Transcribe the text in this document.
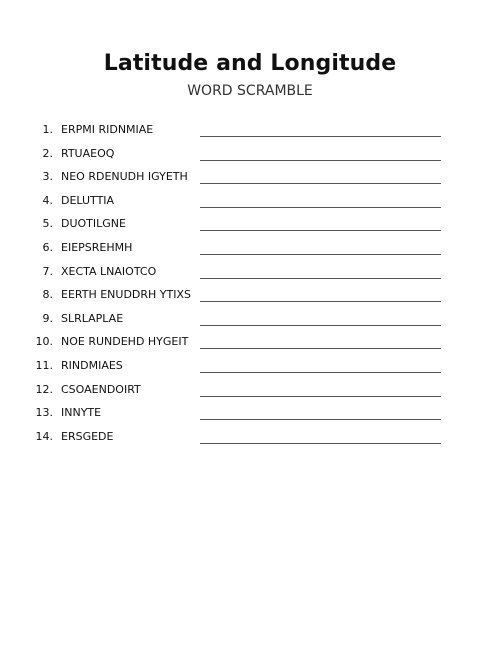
Latitude and Longitude
WORD SCRAMBLE
1. ERPMI RIDNMIAE
2. RTUAEOQ
3. NEO RDENUDH IGYETH
4. DELUTTIA
5. DUOTILGNE
6. EIEPSREHMH
7. XECTA LNAIOTCO
8. EERTH ENUDDRH YTIXS
9. SLRLAPLAE
10. NOE RUNDEHD HYGEIT
11. RINDMIAES
12. CSOAENDOIRT
13. INNYTE
14. ERSGEDE
